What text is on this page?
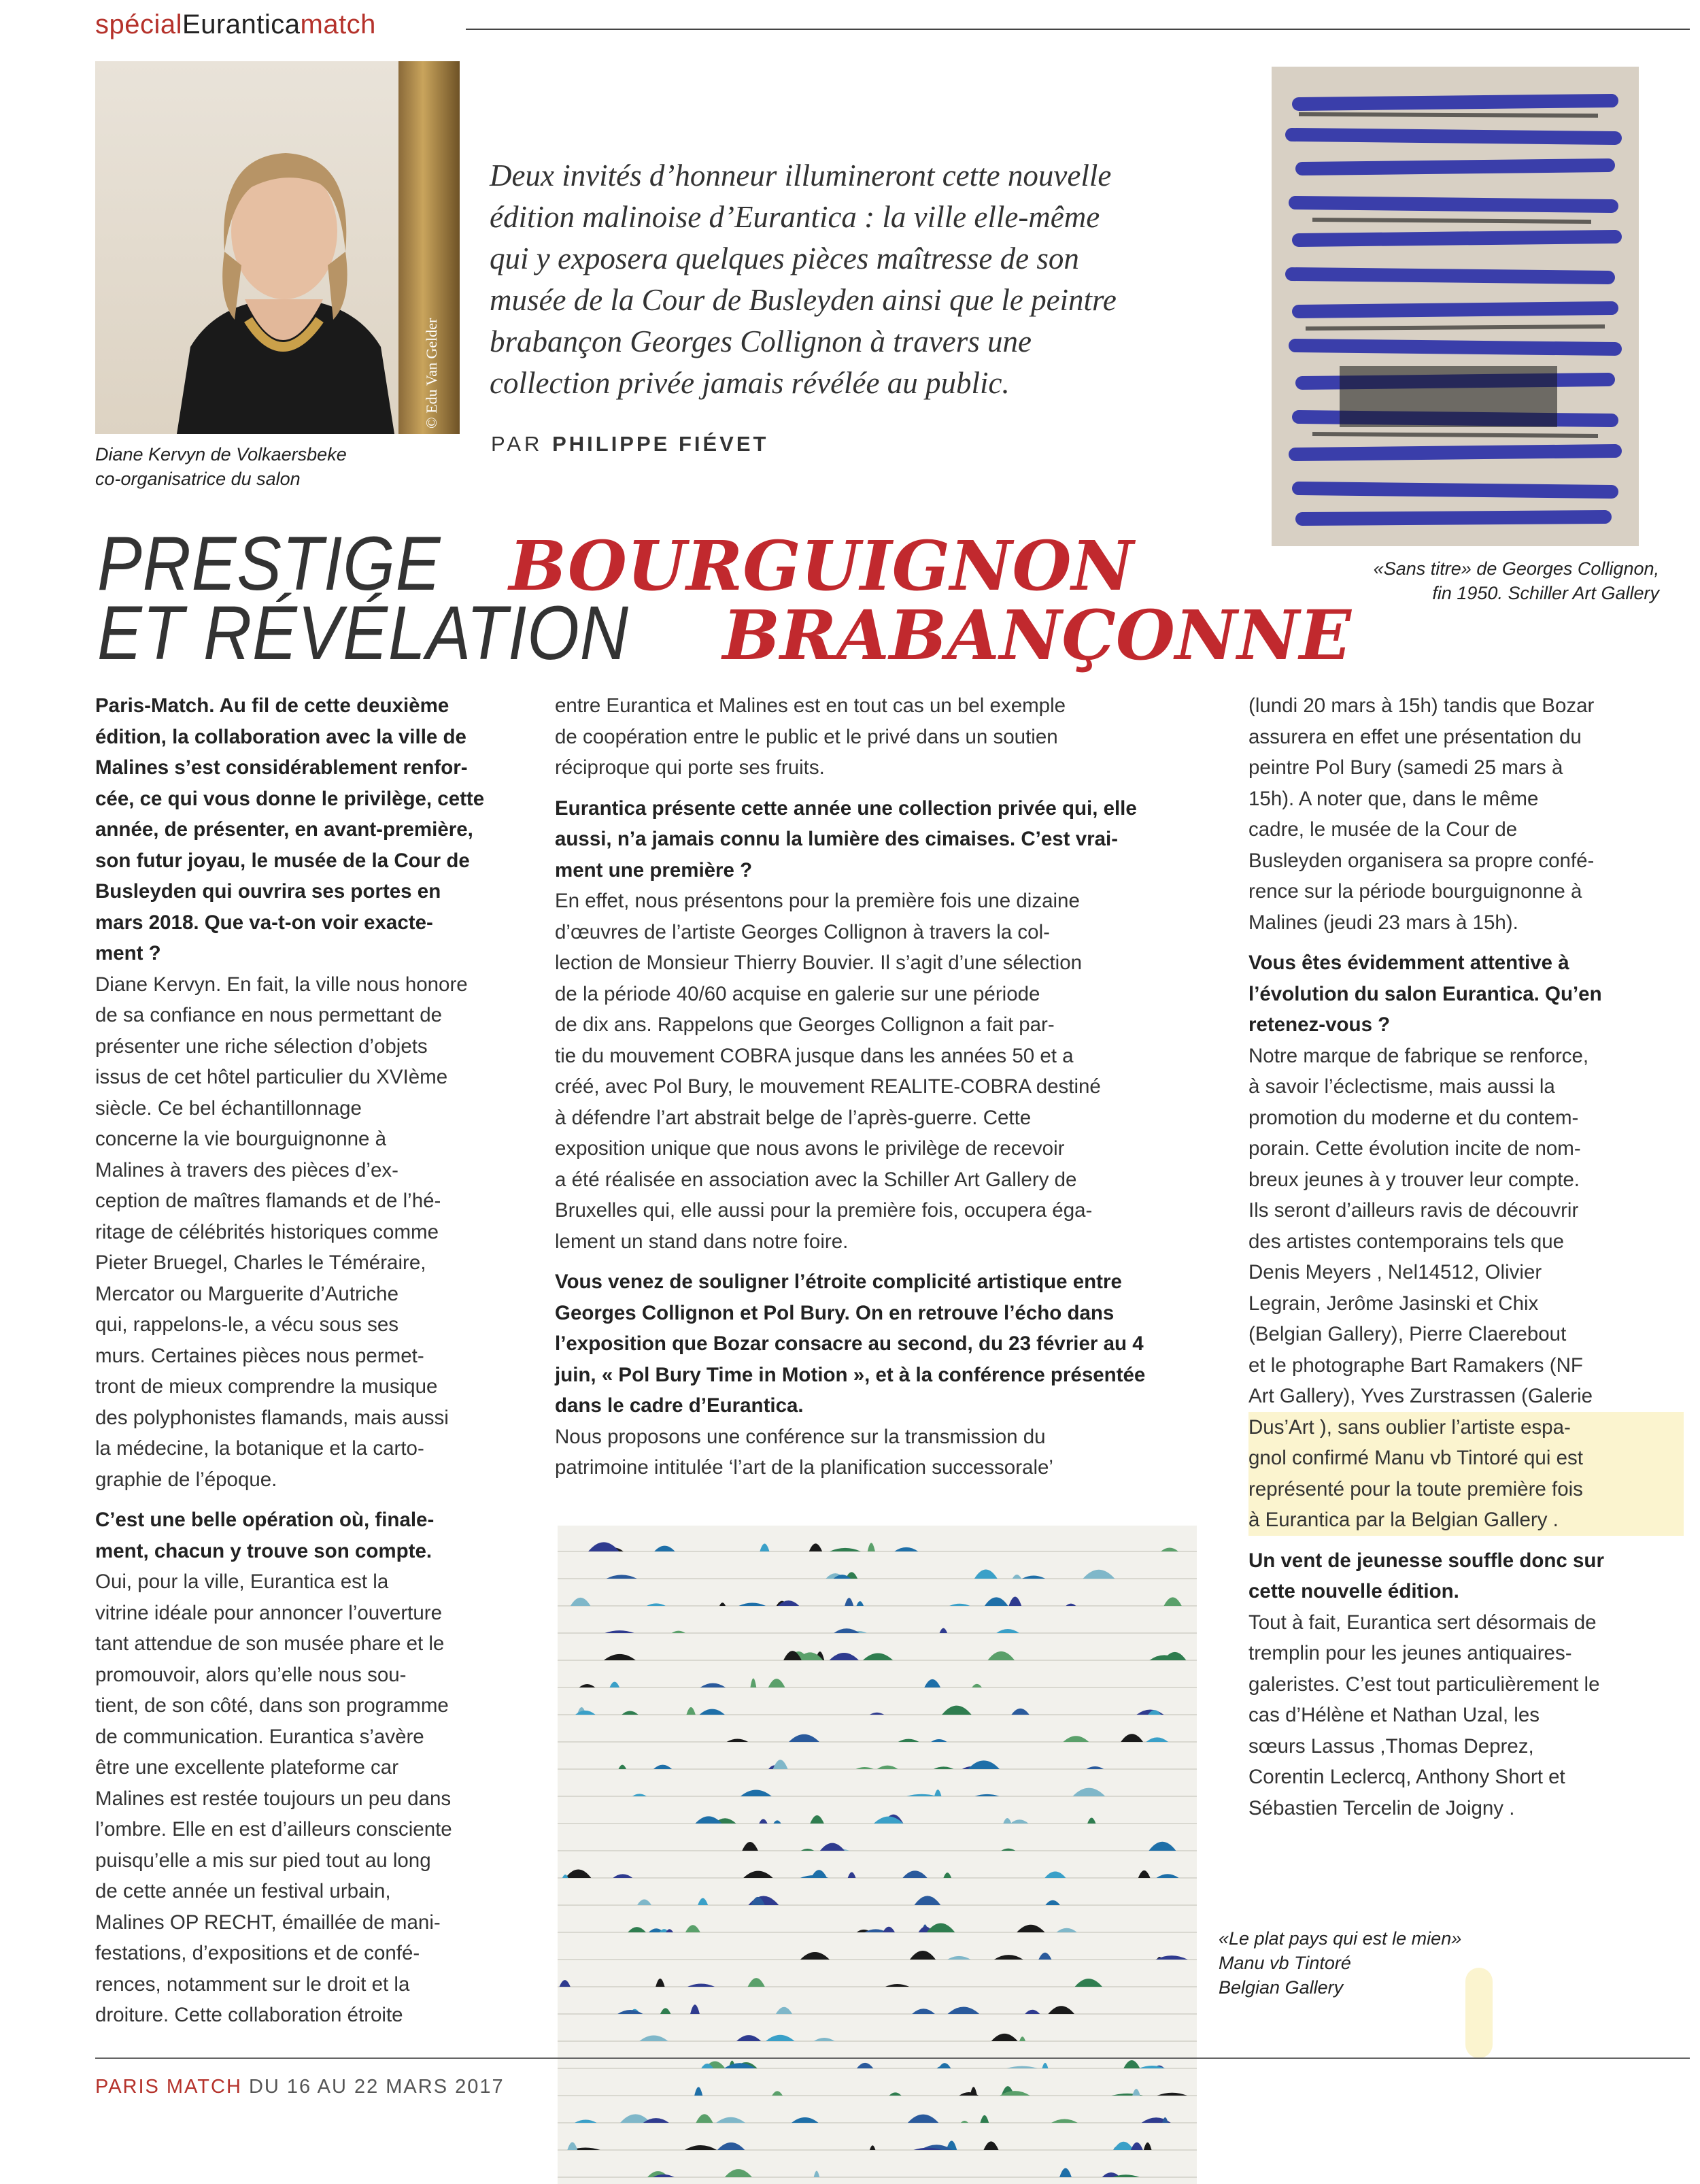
spécialEuranticamatch
© Edu Van Gelder
Diane Kervyn de Volkaersbeke
co-organisatrice du salon
Deux invités d’honneur illumineront cette nouvelle
édition malinoise d’Eurantica : la ville elle-même
qui y exposera quelques pièces maîtresse de son
musée de la Cour de Busleyden ainsi que le peintre
brabançon Georges Collignon à travers une
collection privée jamais révélée au public.
PAR PHILIPPE FIÉVET
«Sans titre» de Georges Collignon,
fin 1950. Schiller Art Gallery
PRESTIGE BOURGUIGNON
ET RÉVÉLATION BRABANÇONNE
Paris-Match. Au fil de cette deuxième
édition, la collaboration avec la ville de
Malines s’est considérablement renfor-
cée, ce qui vous donne le privilège, cette
année, de présenter, en avant-première,
son futur joyau, le musée de la Cour de
Busleyden qui ouvrira ses portes en
mars 2018. Que va-t-on voir exacte-
ment ?
Diane Kervyn. En fait, la ville nous honore
de sa confiance en nous permettant de
présenter une riche sélection d’objets
issus de cet hôtel particulier du XVIème
siècle. Ce bel échantillonnage
concerne la vie bourguignonne à
Malines à travers des pièces d’ex-
ception de maîtres flamands et de l’hé-
ritage de célébrités historiques comme
Pieter Bruegel, Charles le Téméraire,
Mercator ou Marguerite d’Autriche
qui, rappelons-le, a vécu sous ses
murs. Certaines pièces nous permet-
tront de mieux comprendre la musique
des polyphonistes flamands, mais aussi
la médecine, la botanique et la carto-
graphie de l’époque.
C’est une belle opération où, finale-
ment, chacun y trouve son compte.
Oui, pour la ville, Eurantica est la
vitrine idéale pour annoncer l’ouverture
tant attendue de son musée phare et le
promouvoir, alors qu’elle nous sou-
tient, de son côté, dans son programme
de communication. Eurantica s’avère
être une excellente plateforme car
Malines est restée toujours un peu dans
l’ombre. Elle en est d’ailleurs consciente
puisqu’elle a mis sur pied tout au long
de cette année un festival urbain,
Malines OP RECHT, émaillée de mani-
festations, d’expositions et de confé-
rences, notamment sur le droit et la
droiture. Cette collaboration étroite
entre Eurantica et Malines est en tout cas un bel exemple
de coopération entre le public et le privé dans un soutien
réciproque qui porte ses fruits.
Eurantica présente cette année une collection privée qui, elle
aussi, n’a jamais connu la lumière des cimaises. C’est vrai-
ment une première ?
En effet, nous présentons pour la première fois une dizaine
d’œuvres de l’artiste Georges Collignon à travers la col-
lection de Monsieur Thierry Bouvier. Il s’agit d’une sélection
de la période 40/60 acquise en galerie sur une période
de dix ans. Rappelons que Georges Collignon a fait par-
tie du mouvement COBRA jusque dans les années 50 et a
créé, avec Pol Bury, le mouvement REALITE-COBRA destiné
à défendre l’art abstrait belge de l’après-guerre. Cette
exposition unique que nous avons le privilège de recevoir
a été réalisée en association avec la Schiller Art Gallery de
Bruxelles qui, elle aussi pour la première fois, occupera éga-
lement un stand dans notre foire.
Vous venez de souligner l’étroite complicité artistique entre
Georges Collignon et Pol Bury. On en retrouve l’écho dans
l’exposition que Bozar consacre au second, du 23 février au 4
juin, « Pol Bury Time in Motion », et à la conférence présentée
dans le cadre d’Eurantica.
Nous proposons une conférence sur la transmission du
patrimoine intitulée ‘l’art de la planification successorale’
(lundi 20 mars à 15h) tandis que Bozar
assurera en effet une présentation du
peintre Pol Bury (samedi 25 mars à
15h). A noter que, dans le même
cadre, le musée de la Cour de
Busleyden organisera sa propre confé-
rence sur la période bourguignonne à
Malines (jeudi 23 mars à 15h).
Vous êtes évidemment attentive à
l’évolution du salon Eurantica. Qu’en
retenez-vous ?
Notre marque de fabrique se renforce,
à savoir l’éclectisme, mais aussi la
promotion du moderne et du contem-
porain. Cette évolution incite de nom-
breux jeunes à y trouver leur compte.
Ils seront d’ailleurs ravis de découvrir
des artistes contemporains tels que
Denis Meyers , Nel14512, Olivier
Legrain, Jerôme Jasinski et Chix
(Belgian Gallery), Pierre Claerebout
et le photographe Bart Ramakers (NF
Art Gallery), Yves Zurstrassen (Galerie
Dus’Art ), sans oublier l’artiste espa-
gnol confirmé Manu vb Tintoré qui est
représenté pour la toute première fois
à Eurantica par la Belgian Gallery .
Un vent de jeunesse souffle donc sur
cette nouvelle édition.
Tout à fait, Eurantica sert désormais de
tremplin pour les jeunes antiquaires-
galeristes. C’est tout particulièrement le
cas d’Hélène et Nathan Uzal, les
sœurs Lassus ,Thomas Deprez,
Corentin Leclercq, Anthony Short et
Sébastien Tercelin de Joigny .
«Le plat pays qui est le mien»
Manu vb Tintoré
Belgian Gallery
PARIS MATCH DU 16 AU 22 MARS 2017
